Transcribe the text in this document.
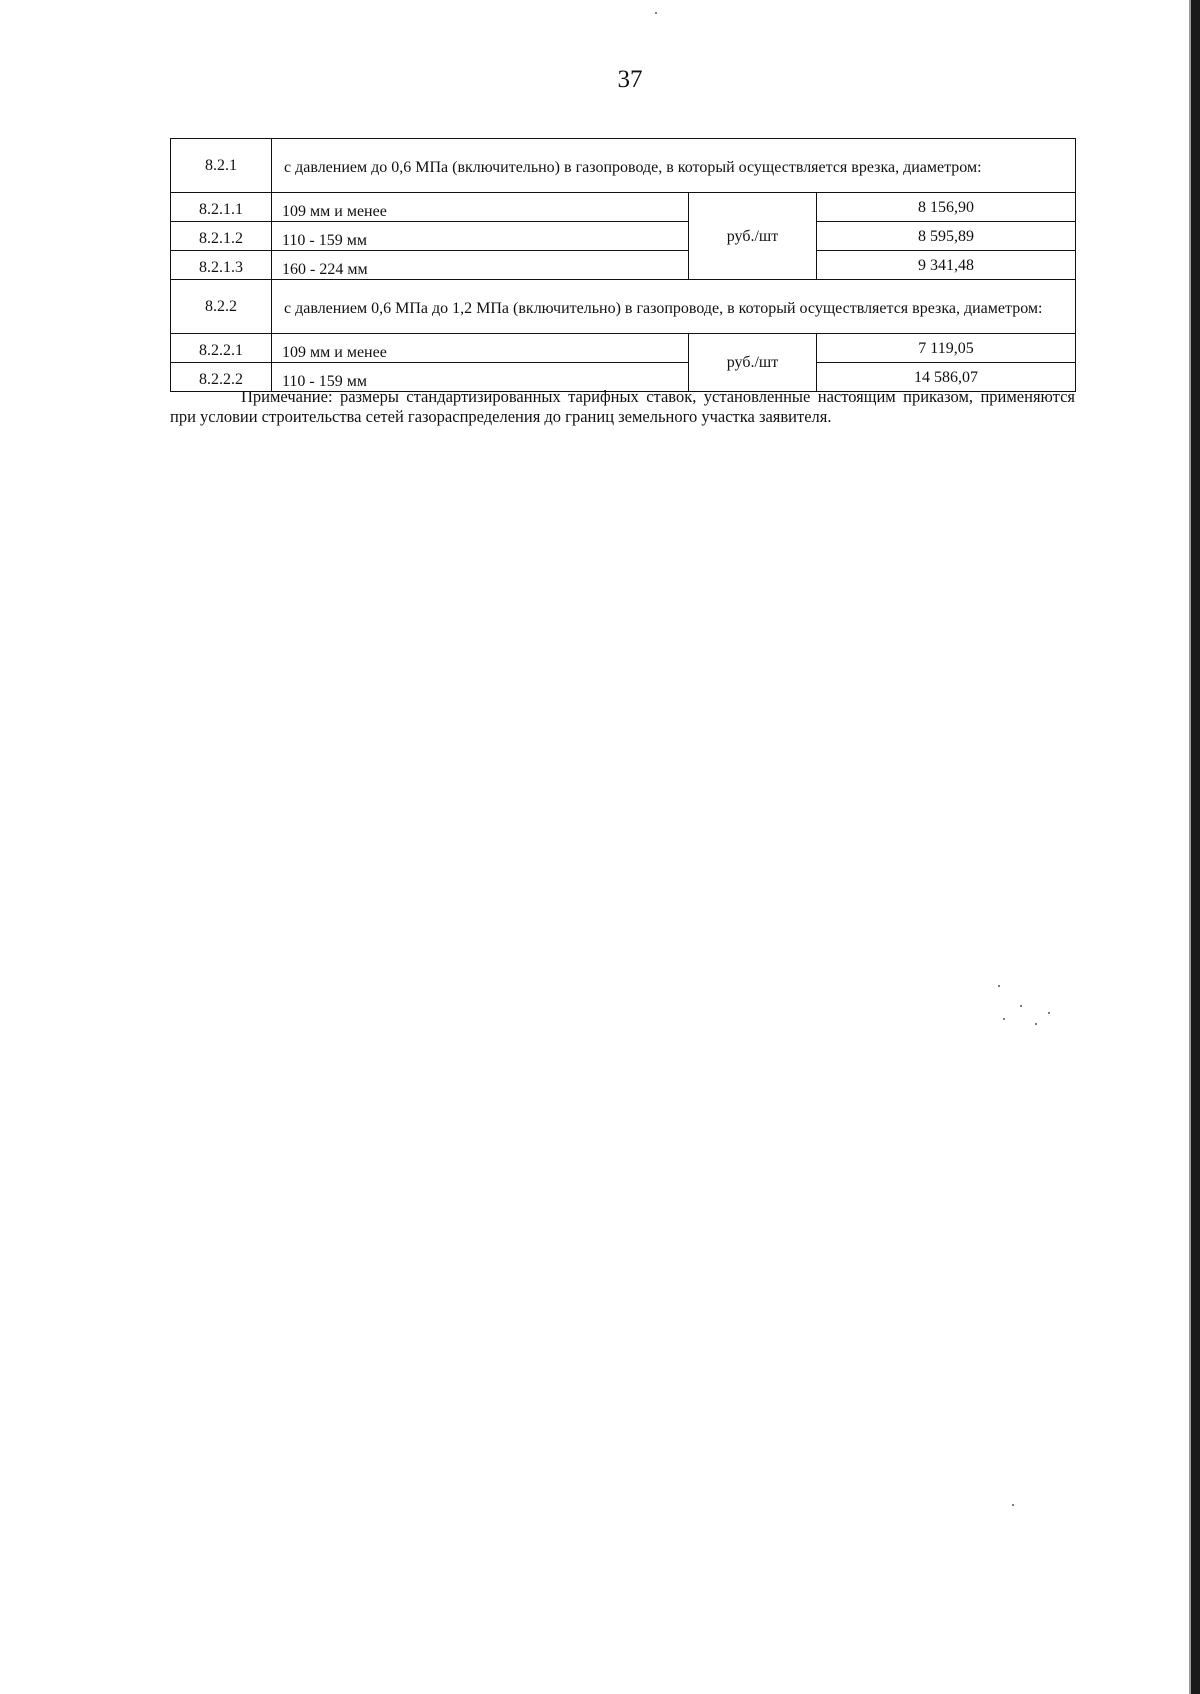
37
8.2.1	с давлением до 0,6 МПа (включительно) в газопроводе, в который осуществляется врезка, диаметром:		
8.2.1.1	109 мм и менее	руб./шт	8 156,90
8.2.1.2	110 - 159 мм		8 595,89
8.2.1.3	160 - 224 мм		9 341,48
8.2.2	с давлением 0,6 МПа до 1,2 МПа (включительно) в газопроводе, в который осуществляется врезка, диаметром:		
8.2.2.1	109 мм и менее	руб./шт	7 119,05
8.2.2.2	110 - 159 мм		14 586,07

Примечание: размеры стандартизированных тарифных ставок, установленные настоящим приказом, применяются при условии строительства сетей газораспределения до границ земельного участка заявителя.
